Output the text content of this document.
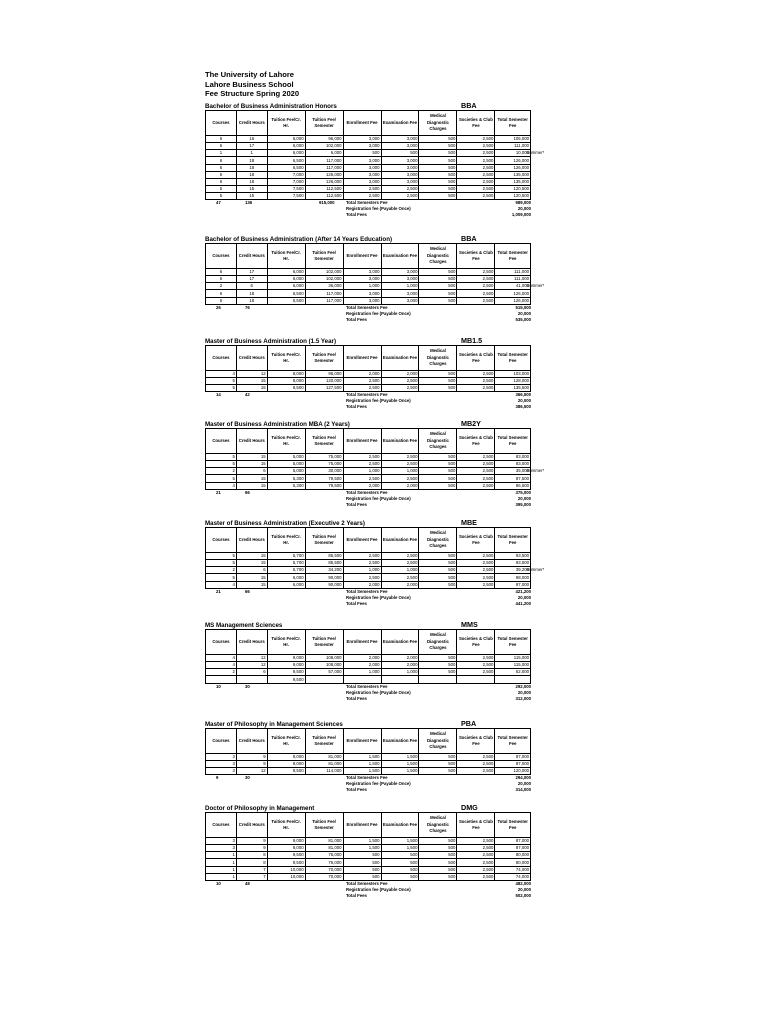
The University of Lahore
Lahore Business School
Fee Structure Spring 2020
Bachelor of Business Administration Honors	BBA
Courses	Credit Hours	Tuition Fee/Cr. Hr.	Tuition Fee/ Semester	Enrollment Fee	Examination Fee	Medical Diagnostic Charges	Societies & Club Fee	Total Semester Fee
6	16	6,000	96,000	3,000	3,000	500	2,500	105,000
6	17	6,000	102,000	3,000	3,000	500	2,500	111,000
1	1	6,000	6,000	500	500	500	2,500	10,000
Summer*

6	18	6,500	117,000	3,000	3,000	500	2,500	126,000
6	18	6,500	117,000	3,000	3,000	500	2,500	126,000
6	18	7,000	126,000	3,000	3,000	500	2,500	135,000
6	18	7,000	126,000	3,000	3,000	500	2,500	135,000
5	15	7,500	112,500	2,500	2,500	500	2,500	120,500
5	15	7,500	112,500	2,500	2,500	500	2,500	120,500
47	136	915,000	Total Semesters Fee	989,000
Registration fee (Payable Once)	20,000
Total Fees	1,009,000
Bachelor of Business Administration (After 14 Years Education)	BBA
Courses	Credit Hours	Tuition Fee/Cr. Hr.	Tuition Fee/ Semester	Enrollment Fee	Examination Fee	Medical Diagnostic Charges	Societies & Club Fee	Total Semester Fee
6	17	6,000	102,000	3,000	3,000	500	2,500	111,000
6	17	6,000	102,000	3,000	3,000	500	2,500	111,000
2	6	6,000	36,000	1,000	1,000	500	2,500	41,000
Summer*

6	18	6,500	117,000	3,000	3,000	500	2,500	126,000
6	18	6,500	117,000	3,000	3,000	500	2,500	126,000
26	76	Total Semesters Fee	515,000
Registration fee (Payable Once)	20,000
Total Fees	535,000
Master of Business Administration (1.5 Year)	MB1.5
Courses	Credit Hours	Tuition Fee/Cr. Hr.	Tuition Fee/ Semester	Enrollment Fee	Examination Fee	Medical Diagnostic Charges	Societies & Club Fee	Total Semester Fee
4	12	8,000	96,000	2,000	2,000	500	2,500	103,000
5	15	8,000	120,000	2,500	2,500	500	2,500	128,000
5	15	8,500	127,500	2,500	2,500	500	2,500	135,500
14	42	Total Semesters Fee	366,500
Registration fee (Payable Once)	20,000
Total Fees	386,500
Master of Business Administration MBA (2 Years)	MB2Y
Courses	Credit Hours	Tuition Fee/Cr. Hr.	Tuition Fee/ Semester	Enrollment Fee	Examination Fee	Medical Diagnostic Charges	Societies & Club Fee	Total Semester Fee
5	15	5,000	75,000	2,500	2,500	500	2,500	83,000
5	15	5,000	75,000	2,500	2,500	500	2,500	83,000
2	6	5,000	30,000	1,000	1,000	500	2,500	35,000
Summer*

5	15	5,300	79,500	2,500	2,500	500	2,500	87,500
4	15	5,300	79,500	2,000	2,000	500	2,500	86,500
21	66	Total Semesters Fee	375,000
Registration fee (Payable Once)	20,000
Total Fees	395,000
Master of Business Administration (Executive 2 Years)	MBE
Courses	Credit Hours	Tuition Fee/Cr. Hr.	Tuition Fee/ Semester	Enrollment Fee	Examination Fee	Medical Diagnostic Charges	Societies & Club Fee	Total Semester Fee
5	15	5,700	85,500	2,500	2,500	500	2,500	93,500
5	15	5,700	85,500	2,500	2,500	500	2,500	93,500
2	6	5,700	34,200	1,000	1,000	500	2,500	39,200
Summer*

5	15	6,000	90,000	2,500	2,500	500	2,500	98,000
4	15	6,000	90,000	2,000	2,000	500	2,500	97,000
21	66	Total Semesters Fee	421,200
Registration fee (Payable Once)	20,000
Total Fees	441,200
MS Management Sciences	MMS
Courses	Credit Hours	Tuition Fee/Cr. Hr.	Tuition Fee/ Semester	Enrollment Fee	Examination Fee	Medical Diagnostic Charges	Societies & Club Fee	Total Semester Fee
4	12	9,000	108,000	2,000	2,000	500	2,500	115,000
4	12	9,000	108,000	2,000	2,000	500	2,500	115,000
2	6	9,500	57,000	1,000	1,000	500	2,500	62,000
		9,500						
10	30	Total Semesters Fee	292,000
Registration fee (Payable Once)	20,000
Total Fees	312,000
Master of Philosophy in Management Sciences	PBA
Courses	Credit Hours	Tuition Fee/Cr. Hr.	Tuition Fee/ Semester	Enrollment Fee	Examination Fee	Medical Diagnostic Charges	Societies & Club Fee	Total Semester Fee
3	9	9,000	81,000	1,500	1,500	500	2,500	87,000
3	9	9,000	81,000	1,500	1,500	500	2,500	87,000
3	12	9,500	114,000	1,500	1,500	500	2,500	120,000
9	30	Total Semesters Fee	294,000
Registration fee (Payable Once)	20,000
Total Fees	314,000
Doctor of Philosophy in Management	DMG
Courses	Credit Hours	Tuition Fee/Cr. Hr.	Tuition Fee/ Semester	Enrollment Fee	Examination Fee	Medical Diagnostic Charges	Societies & Club Fee	Total Semester Fee
3	9	9,000	81,000	1,500	1,500	500	2,500	87,000
3	9	9,000	81,000	1,500	1,500	500	2,500	87,000
1	8	9,500	76,000	500	500	500	2,500	80,000
1	8	9,500	76,000	500	500	500	2,500	80,000
1	7	10,000	70,000	500	500	500	2,500	74,000
1	7	10,000	70,000	500	500	500	2,500	74,000
10	48	Total Semesters Fee	482,000
Registration fee (Payable Once)	20,000
Total Fees	502,000
